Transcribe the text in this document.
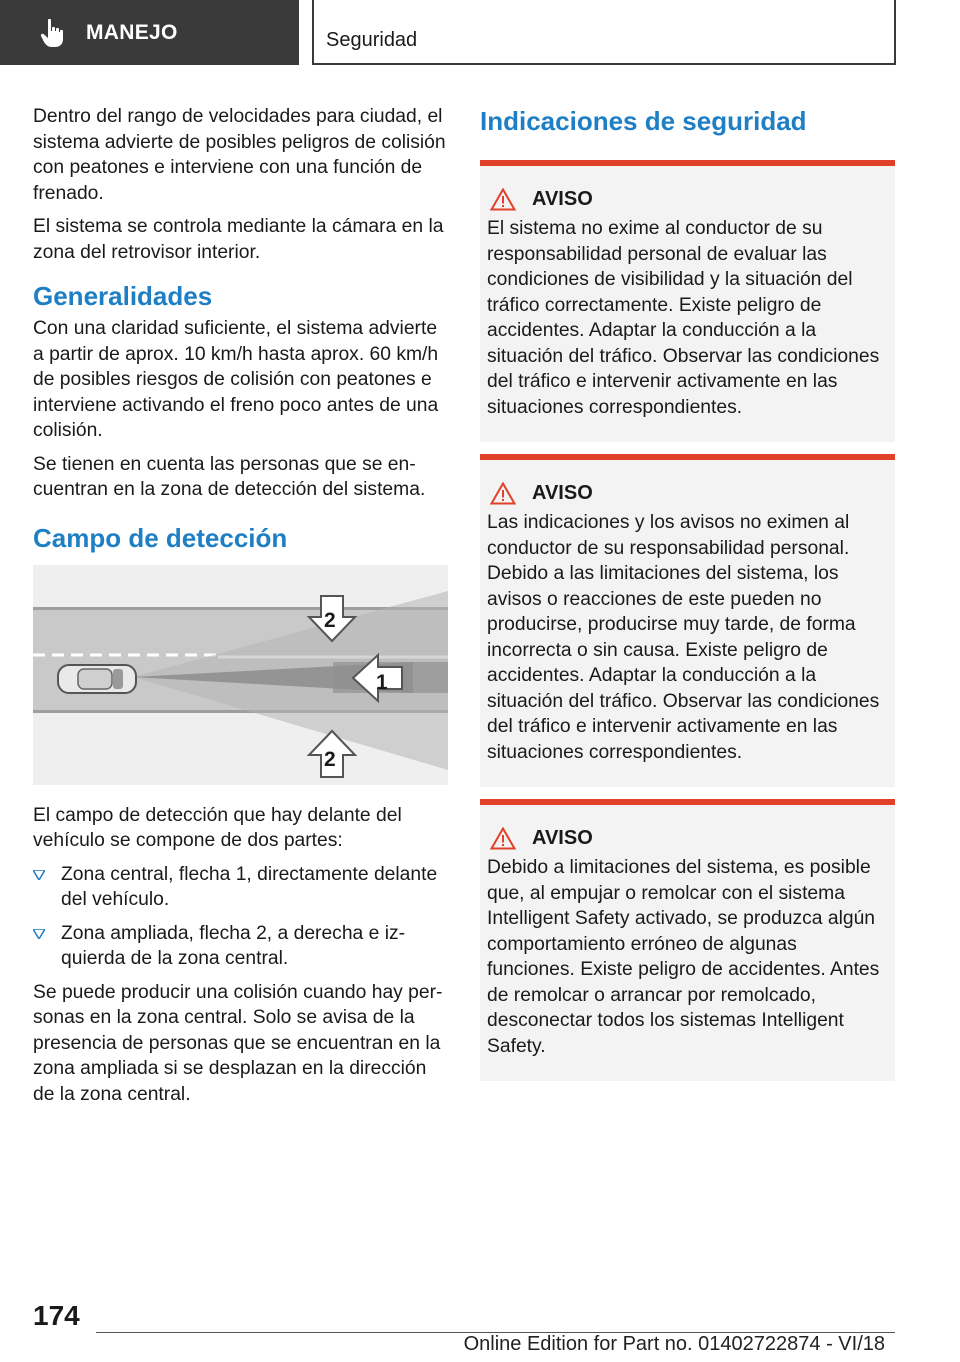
MANEJO	Seguridad

Dentro del rango de velocidades para ciudad, el sistema advierte de posibles peligros de colisión con peatones e interviene con una función de frenado.

El sistema se controla mediante la cámara en la zona del retrovisor interior.

Generalidades

Con una claridad suficiente, el sistema advierte a partir de aprox. 10 km/h hasta aprox. 60 km/h de posibles riesgos de colisión con peatones e interviene activando el freno poco antes de una colisión.

Se tienen en cuenta las personas que se encuentran en la zona de detección del sistema.

Campo de detección
1
2
2

El campo de detección que hay delante del vehículo se compone de dos partes:

Zona central, flecha 1, directamente delante del vehículo.
Zona ampliada, flecha 2, a derecha e izquierda de la zona central.

Se puede producir una colisión cuando hay personas en la zona central. Solo se avisa de la presencia de personas que se encuentran en la zona ampliada si se desplazan en la dirección de la zona central.

Indicaciones de seguridad
AVISO

El sistema no exime al conductor de su responsabilidad personal de evaluar las condiciones de visibilidad y la situación del tráfico correctamente. Existe peligro de accidentes. Adaptar la conducción a la situación del tráfico. Observar las condiciones del tráfico e intervenir activamente en las situaciones correspondientes.

AVISO

Las indicaciones y los avisos no eximen al conductor de su responsabilidad personal. Debido a las limitaciones del sistema, los avisos o reacciones de este pueden no producirse, producirse muy tarde, de forma incorrecta o sin causa. Existe peligro de accidentes. Adaptar la conducción a la situación del tráfico. Observar las condiciones del tráfico e intervenir activamente en las situaciones correspondientes.

AVISO

Debido a limitaciones del sistema, es posible que, al empujar o remolcar con el sistema Intelligent Safety activado, se produzca algún comportamiento erróneo de algunas funciones. Existe peligro de accidentes. Antes de remolcar o arrancar por remolcado, desconectar todos los sistemas Intelligent Safety.

174
Online Edition for Part no. 01402722874 - VI/18
